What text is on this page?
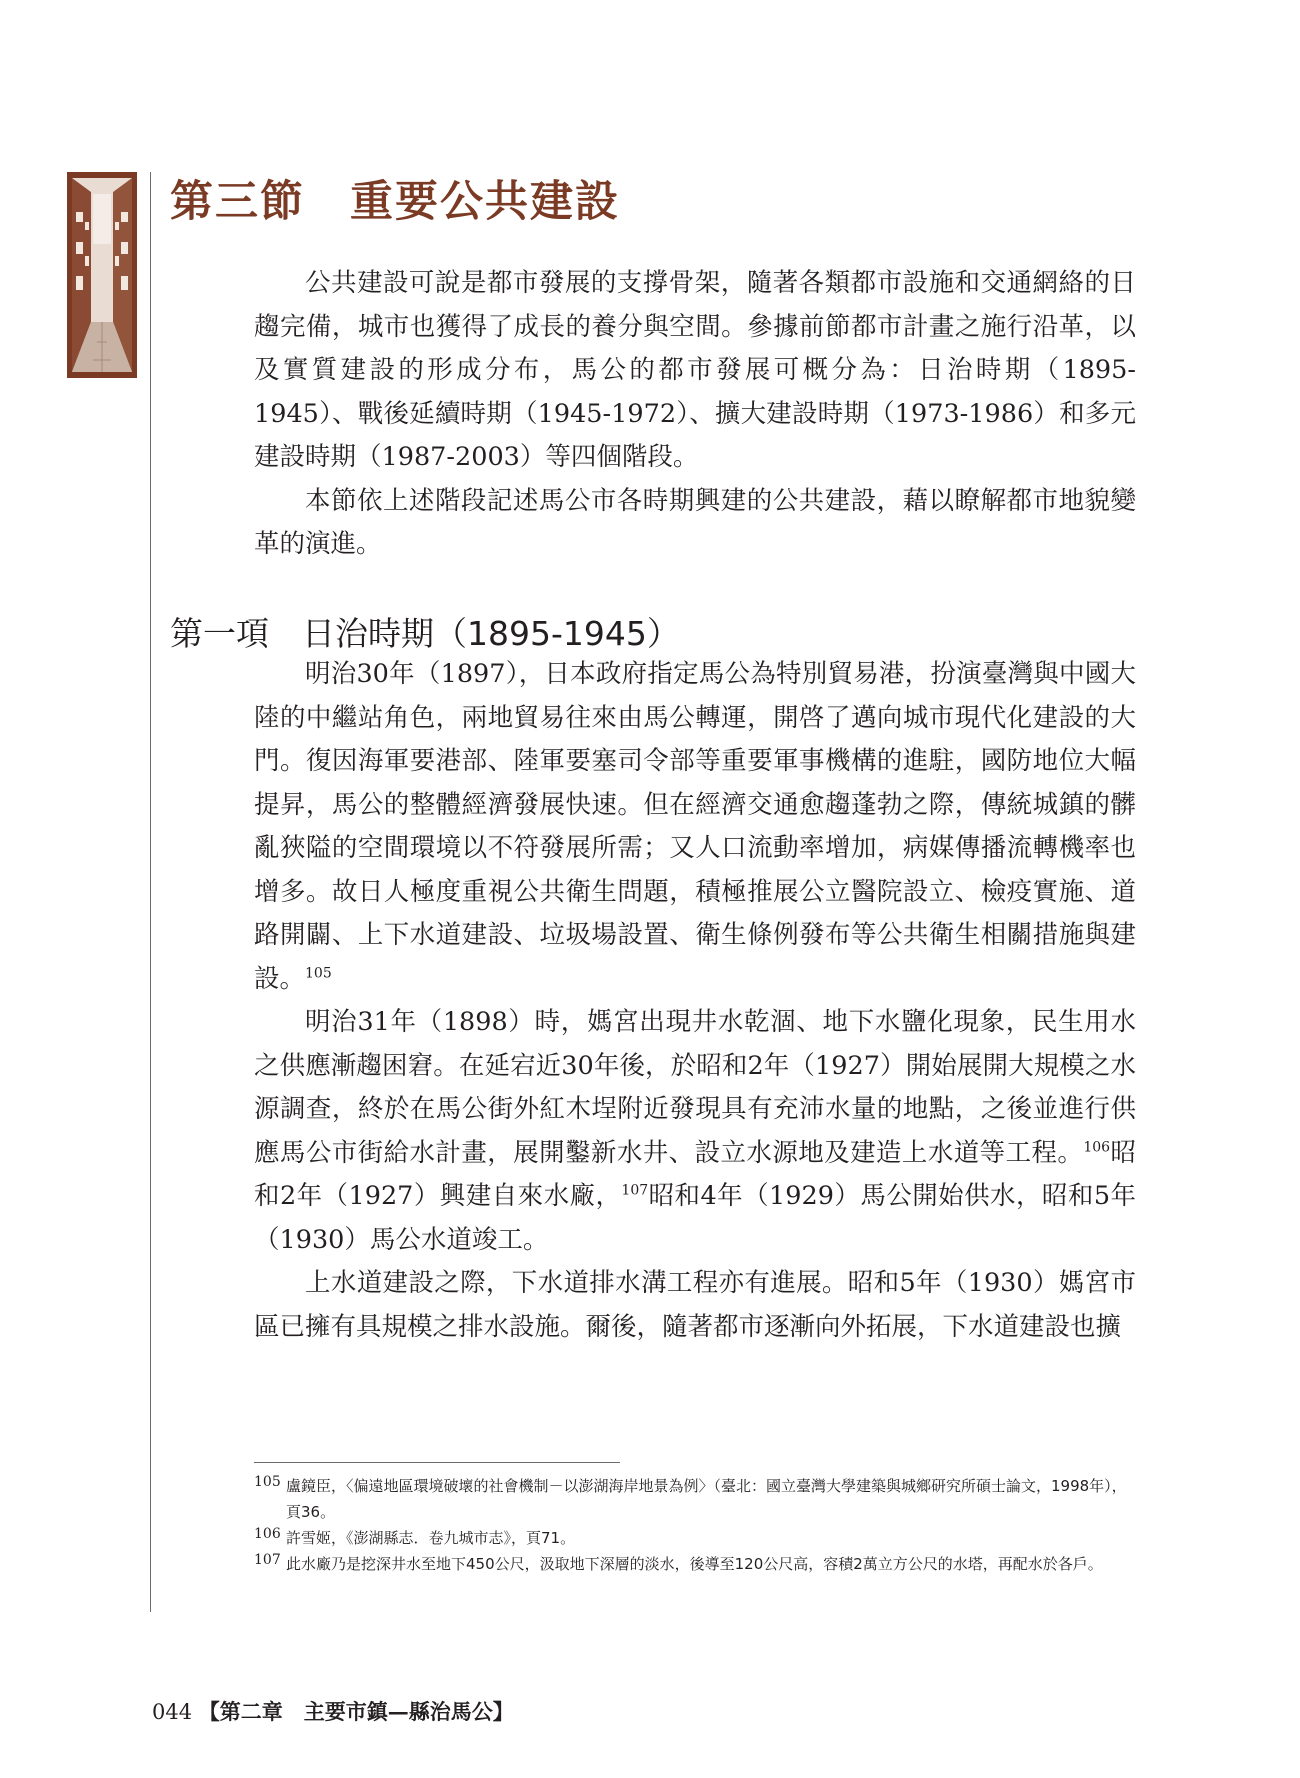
第三節　重要公共建設

公共建設可說是都市發展的支撐骨架，隨著各類都市設施和交通網絡的日趨完備，城市也獲得了成長的養分與空間。參據前節都市計畫之施行沿革，以及實質建設的形成分布，馬公的都市發展可概分為：日治時期（1895-1945）、戰後延續時期（1945-1972）、擴大建設時期（1973-1986）和多元建設時期（1987-2003）等四個階段。

本節依上述階段記述馬公市各時期興建的公共建設，藉以瞭解都市地貌變革的演進。

第一項　日治時期（1895-1945）

明治30年（1897），日本政府指定馬公為特別貿易港，扮演臺灣與中國大陸的中繼站角色，兩地貿易往來由馬公轉運，開啓了邁向城市現代化建設的大門。復因海軍要港部、陸軍要塞司令部等重要軍事機構的進駐，國防地位大幅提昇，馬公的整體經濟發展快速。但在經濟交通愈趨蓬勃之際，傳統城鎮的髒亂狹隘的空間環境以不符發展所需；又人口流動率增加，病媒傳播流轉機率也增多。故日人極度重視公共衛生問題，積極推展公立醫院設立、檢疫實施、道路開闢、上下水道建設、垃圾場設置、衛生條例發布等公共衛生相關措施與建設。$^{105}$

明治31年（1898）時，媽宮出現井水乾涸、地下水鹽化現象，民生用水之供應漸趨困窘。在延宕近30年後，於昭和2年（1927）開始展開大規模之水源調查，終於在馬公街外紅木埕附近發現具有充沛水量的地點，之後並進行供應馬公市街給水計畫，展開鑿新水井、設立水源地及建造上水道等工程。$^{106}$昭和2年（1927）興建自來水廠，$^{107}$昭和4年（1929）馬公開始供水，昭和5年（1930）馬公水道竣工。

上水道建設之際，下水道排水溝工程亦有進展。昭和5年（1930）媽宮市區已擁有具規模之排水設施。爾後，隨著都市逐漸向外拓展，下水道建設也擴

105 盧鏡臣，〈偏遠地區環境破壞的社會機制－以澎湖海岸地景為例〉（臺北：國立臺灣大學建築與城鄉研究所碩士論文，1998年），頁36。

106 許雪姬，《澎湖縣志．卷九城市志》，頁71。

107 此水廠乃是挖深井水至地下450公尺，汲取地下深層的淡水，後導至120公尺高，容積2萬立方公尺的水塔，再配水於各戶。

044 【第二章　主要市鎮—縣治馬公】
